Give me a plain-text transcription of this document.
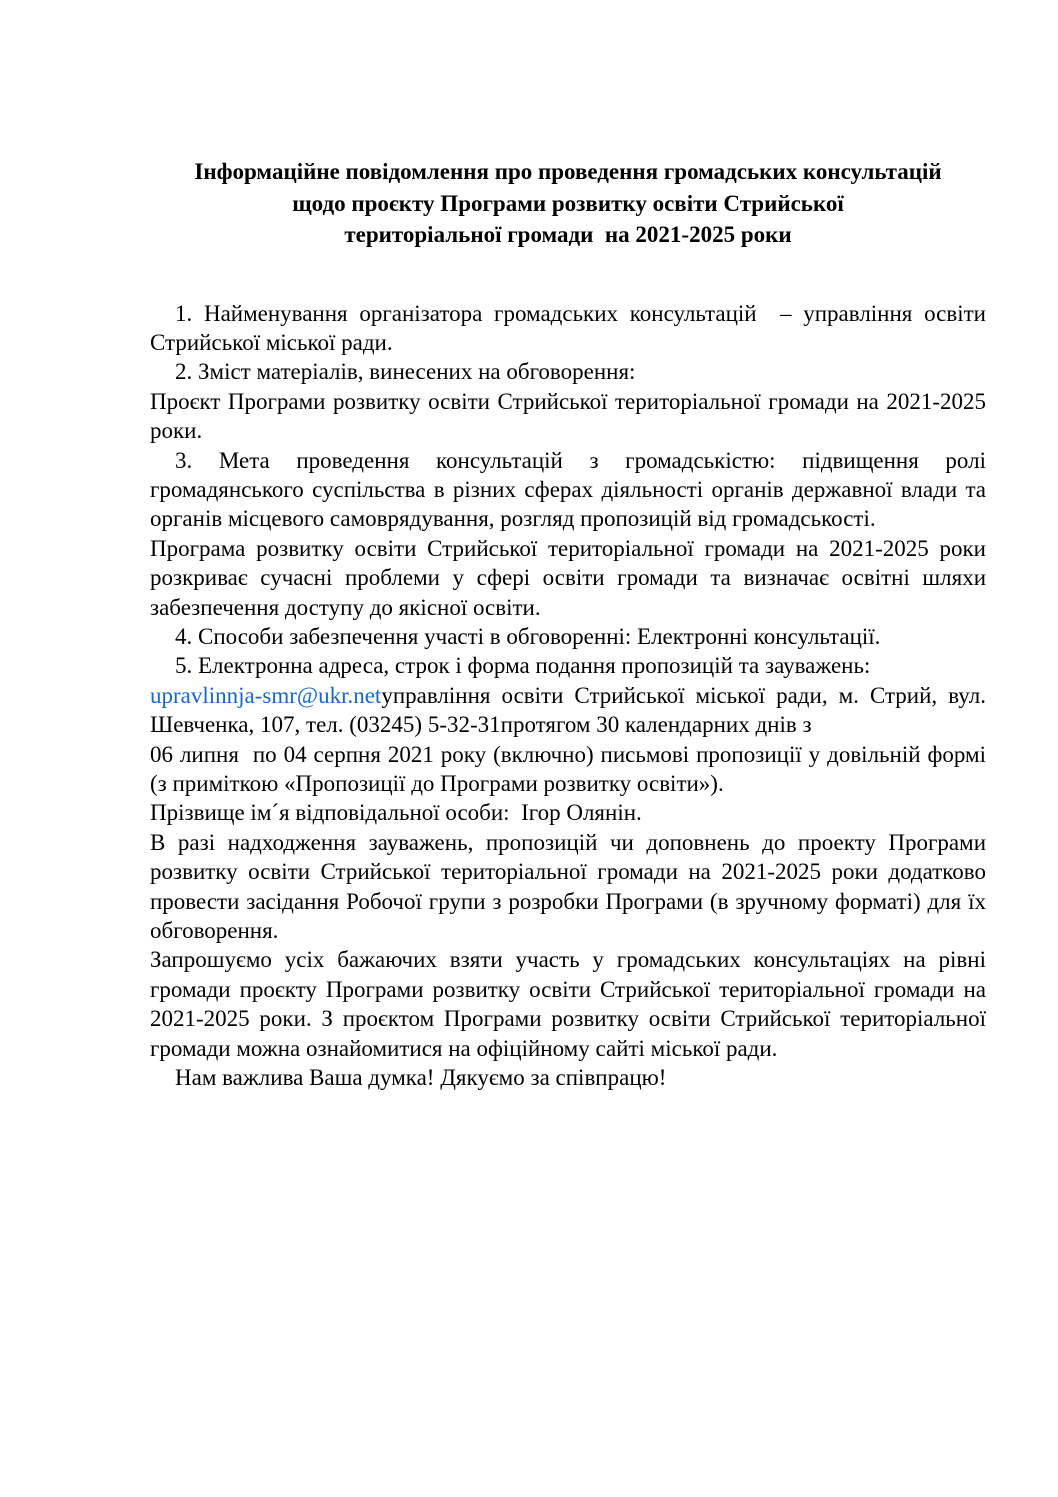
Інформаційне повідомлення про проведення громадських консультацій
щодо проєкту Програми розвитку освіти Стрийської
територіальної громади  на 2021-2025 роки

1. Найменування організатора громадських консультацій  – управління освіти Стрийської міської ради.

2. Зміст матеріалів, винесених на обговорення:

Проєкт Програми розвитку освіти Стрийської територіальної громади на 2021-2025 роки.

3. Мета проведення консультацій з громадськістю: підвищення ролі громадянського суспільства в різних сферах діяльності органів державної влади та органів місцевого самоврядування, розгляд пропозицій від громадськості.

Програма розвитку освіти Стрийської територіальної громади на 2021-2025 роки розкриває сучасні проблеми у сфері освіти громади та визначає освітні шляхи забезпечення доступу до якісної освіти.

4. Способи забезпечення участі в обговоренні: Електронні консультації.

5. Електронна адреса, строк і форма подання пропозицій та зауважень:

upravlinnja-smr@ukr.netуправління освіти Стрийської міської ради, м. Стрий, вул. Шевченка, 107, тел. (03245) 5-32-31протягом 30 календарних днів з
06 липня  по 04 серпня 2021 року (включно) письмові пропозиції у довільній формі (з приміткою «Пропозиції до Програми розвитку освіти»).

Прізвище ім´я відповідальної особи:  Ігор Олянін.

В разі надходження зауважень, пропозицій чи доповнень до проекту Програми розвитку освіти Стрийської територіальної громади на 2021-2025 роки додатково провести засідання Робочої групи з розробки Програми (в зручному форматі) для їх обговорення.

Запрошуємо усіх бажаючих взяти участь у громадських консультаціях на рівні громади проєкту Програми розвитку освіти Стрийської територіальної громади на 2021-2025 роки. З проєктом Програми розвитку освіти Стрийської територіальної громади можна ознайомитися на офіційному сайті міської ради.

Нам важлива Ваша думка! Дякуємо за співпрацю!
